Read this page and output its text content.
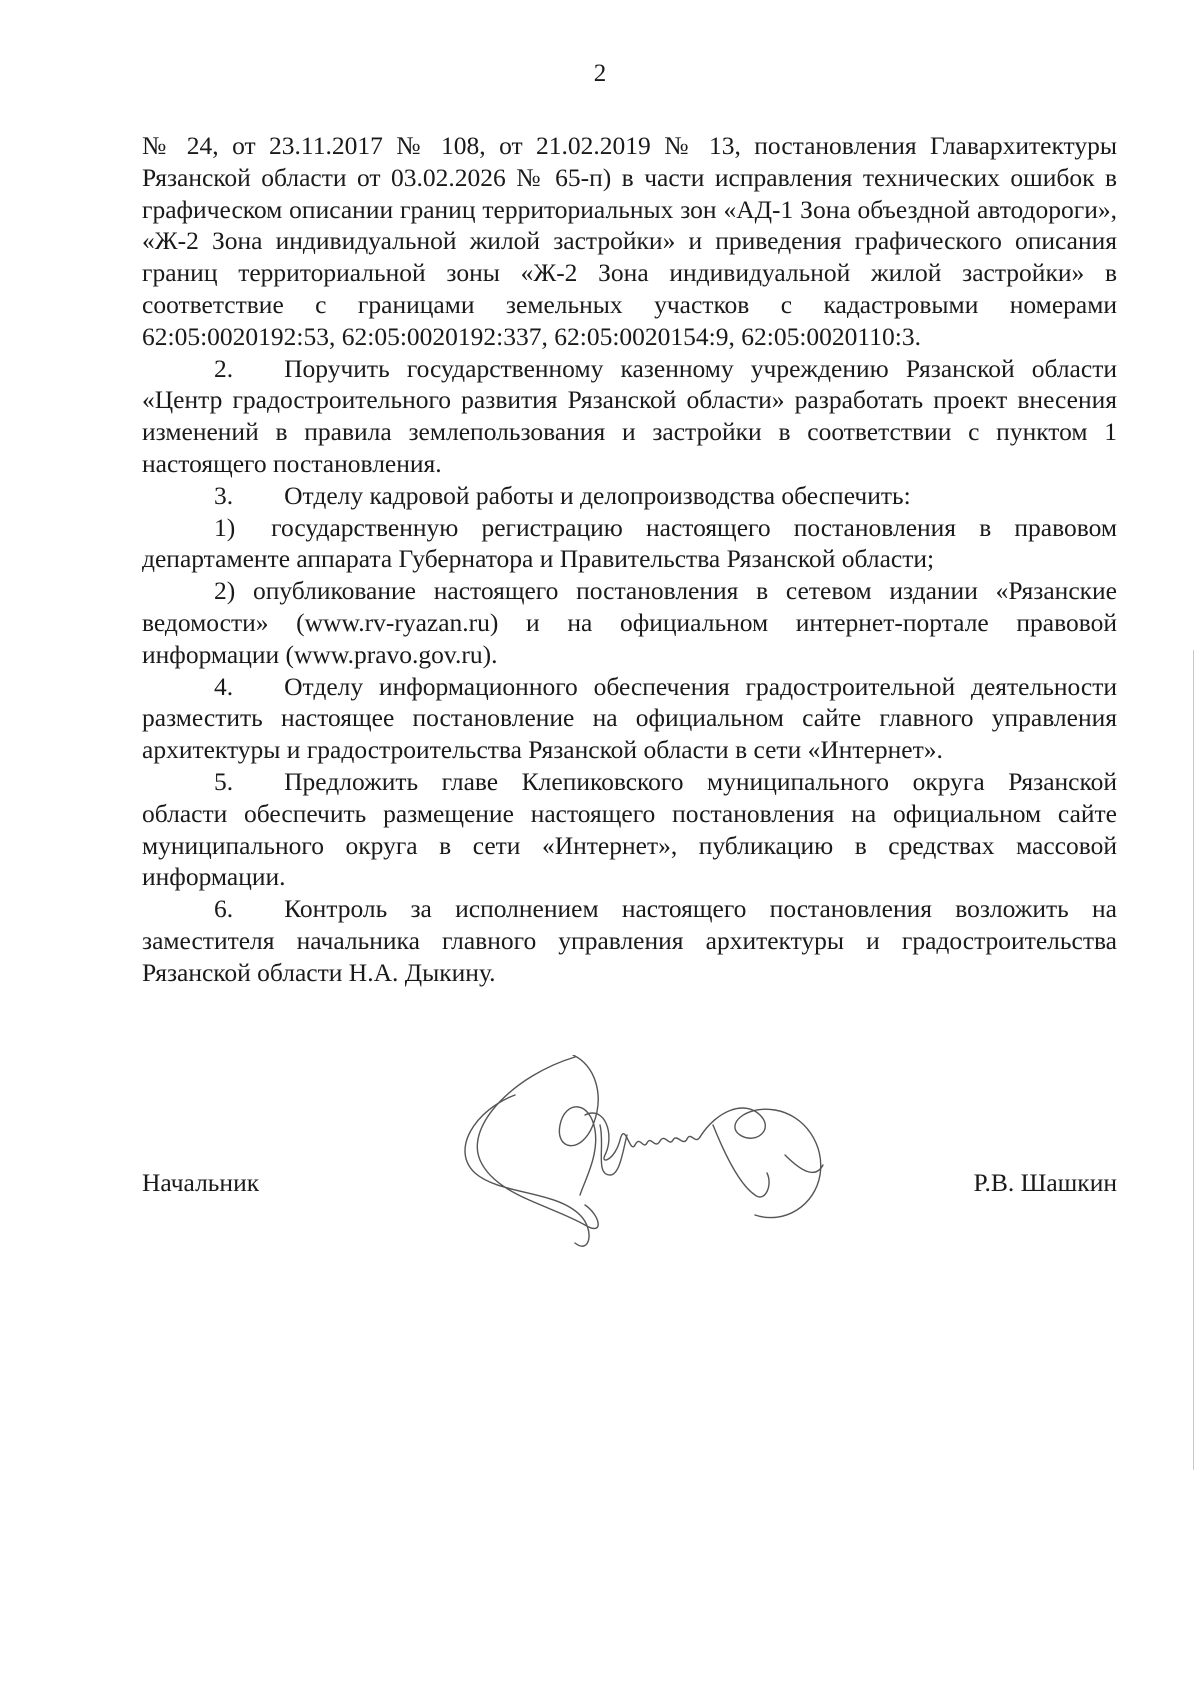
2

№ 24, от 23.11.2017 № 108, от 21.02.2019 № 13, постановления Главархитектуры Рязанской области от 03.02.2026 № 65-п) в части исправления технических ошибок в графическом описании границ территориальных зон «АД-1 Зона объездной автодороги», «Ж-2 Зона индивидуальной жилой застройки» и приведения графического описания границ территориальной зоны «Ж-2 Зона индивидуальной жилой застройки» в соответствие с границами земельных участков с кадастровыми номерами 62:05:0020192:53, 62:05:0020192:337, 62:05:0020154:9, 62:05:0020110:3.

2.  Поручить государственному казенному учреждению Рязанской области «Центр градостроительного развития Рязанской области» разработать проект внесения изменений в правила землепользования и застройки в соответствии с пунктом 1 настоящего постановления.

3.  Отделу кадровой работы и делопроизводства обеспечить:

1)  государственную регистрацию настоящего постановления в правовом департаменте аппарата Губернатора и Правительства Рязанской области;

2) опубликование настоящего постановления в сетевом издании «Рязанские ведомости» (www.rv-ryazan.ru) и на официальном интернет-портале правовой информации (www.pravo.gov.ru).

4.  Отделу информационного обеспечения градостроительной деятельности разместить настоящее постановление на официальном сайте главного управления архитектуры и градостроительства Рязанской области в сети «Интернет».

5.  Предложить главе Клепиковского муниципального округа Рязанской области обеспечить размещение настоящего постановления на официальном сайте муниципального округа в сети «Интернет», публикацию в средствах массовой информации.

6.  Контроль за исполнением настоящего постановления возложить на заместителя начальника главного управления архитектуры и градостроительства Рязанской области Н.А. Дыкину.

Начальник	Р.В. Шашкин
